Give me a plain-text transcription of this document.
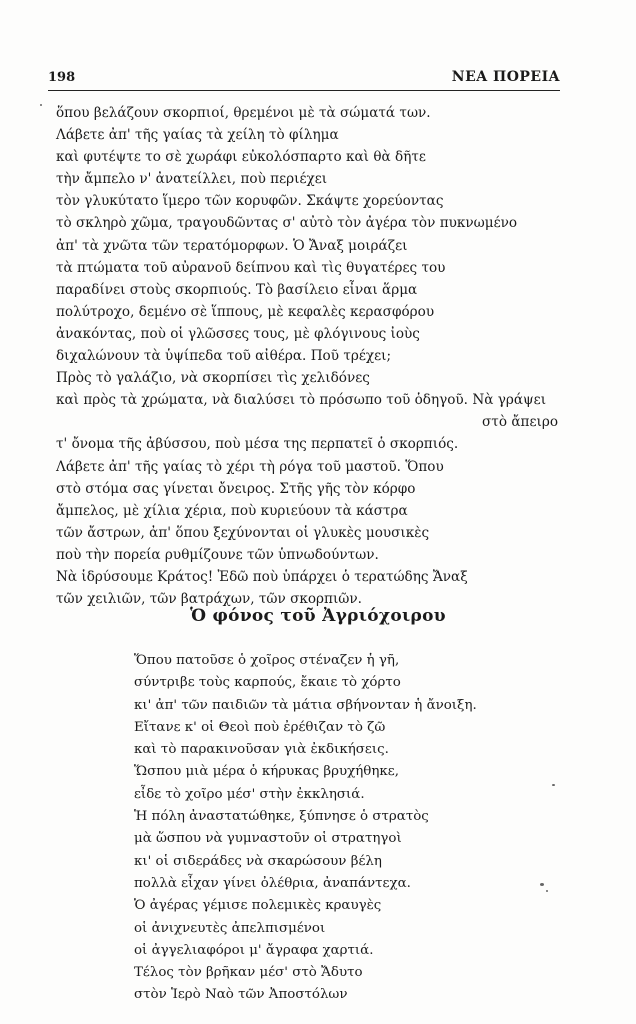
198	ΝΕΑ ΠΟΡΕΙΑ
ὅπου βελάζουν σκορπιοί, θρεμένοι μὲ τὰ σώματά των.
Λάβετε ἀπ' τῆς γαίας τὰ χείλη τὸ φίλημα
καὶ φυτέψτε το σὲ χωράφι εὐκολόσπαρτο καὶ θὰ δῆτε
τὴν ἄμπελο ν' ἀνατείλλει, ποὺ περιέχει
τὸν γλυκύτατο ἵμερο τῶν κορυφῶν. Σκάψτε χορεύοντας
τὸ σκληρὸ χῶμα, τραγουδῶντας σ' αὐτὸ τὸν ἀγέρα τὸν πυκνωμένο
ἀπ' τὰ χνῶτα τῶν τερατόμορφων. Ὁ Ἄναξ μοιράζει
τὰ πτώματα τοῦ αὐρανοῦ δείπνου καὶ τὶς θυγατέρες του
παραδίνει στοὺς σκορπιούς. Τὸ βασίλειο εἶναι ἅρμα
πολύτροχο, δεμένο σὲ ἵππους, μὲ κεφαλὲς κερασφόρου
ἀνακόντας, ποὺ οἱ γλῶσσες τους, μὲ φλόγινους ἰοὺς
διχαλώνουν τὰ ὑψίπεδα τοῦ αἰθέρα. Ποῦ τρέχει;
Πρὸς τὸ γαλάζιο, νὰ σκορπίσει τὶς χελιδόνες
καὶ πρὸς τὰ χρώματα, νὰ διαλύσει τὸ πρόσωπο τοῦ ὁδηγοῦ. Νὰ γράψει
στὸ ἄπειρο
τ' ὄνομα τῆς ἀβύσσου, ποὺ μέσα της περπατεῖ ὁ σκορπιός.
Λάβετε ἀπ' τῆς γαίας τὸ χέρι τὴ ρόγα τοῦ μαστοῦ. Ὅπου
στὸ στόμα σας γίνεται ὄνειρος. Στῆς γῆς τὸν κόρφο
ἄμπελος, μὲ χίλια χέρια, ποὺ κυριεύουν τὰ κάστρα
τῶν ἄστρων, ἀπ' ὅπου ξεχύνονται οἱ γλυκὲς μουσικὲς
ποὺ τὴν πορεία ρυθμίζουνε τῶν ὑπνωδούντων.
Νὰ ἱδρύσουμε Κράτος! Ἐδῶ ποὺ ὑπάρχει ὁ τερατώδης Ἄναξ
τῶν χειλιῶν, τῶν βατράχων, τῶν σκορπιῶν.
Ὁ φόνος τοῦ Ἀγριόχοιρου
Ὅπου πατοῦσε ὁ χοῖρος στέναζεν ἡ γῆ,
σύντριβε τοὺς καρπούς, ἔκαιε τὸ χόρτο
κι' ἀπ' τῶν παιδιῶν τὰ μάτια σβήνονταν ἡ ἄνοιξη.
Εἴτανε κ' οἱ Θεοὶ ποὺ ἐρέθιζαν τὸ ζῶ
καὶ τὸ παρακινοῦσαν γιὰ ἐκδικήσεις.
Ὥσπου μιὰ μέρα ὁ κήρυκας βρυχήθηκε,
εἶδε τὸ χοῖρο μέσ' στὴν ἐκκλησιά.
Ἡ πόλη ἀναστατώθηκε, ξύπνησε ὁ στρατὸς
μὰ ὥσπου νὰ γυμναστοῦν οἱ στρατηγοὶ
κι' οἱ σιδεράδες νὰ σκαρώσουν βέλη
πολλὰ εἶχαν γίνει ὀλέθρια, ἀναπάντεχα.
Ὁ ἀγέρας γέμισε πολεμικὲς κραυγὲς
οἱ ἀνιχνευτὲς ἀπελπισμένοι
οἱ ἀγγελιαφόροι μ' ἄγραφα χαρτιά.
Τέλος τὸν βρῆκαν μέσ' στὸ Ἄδυτο
στὸν Ἱερὸ Ναὸ τῶν Ἀποστόλων
